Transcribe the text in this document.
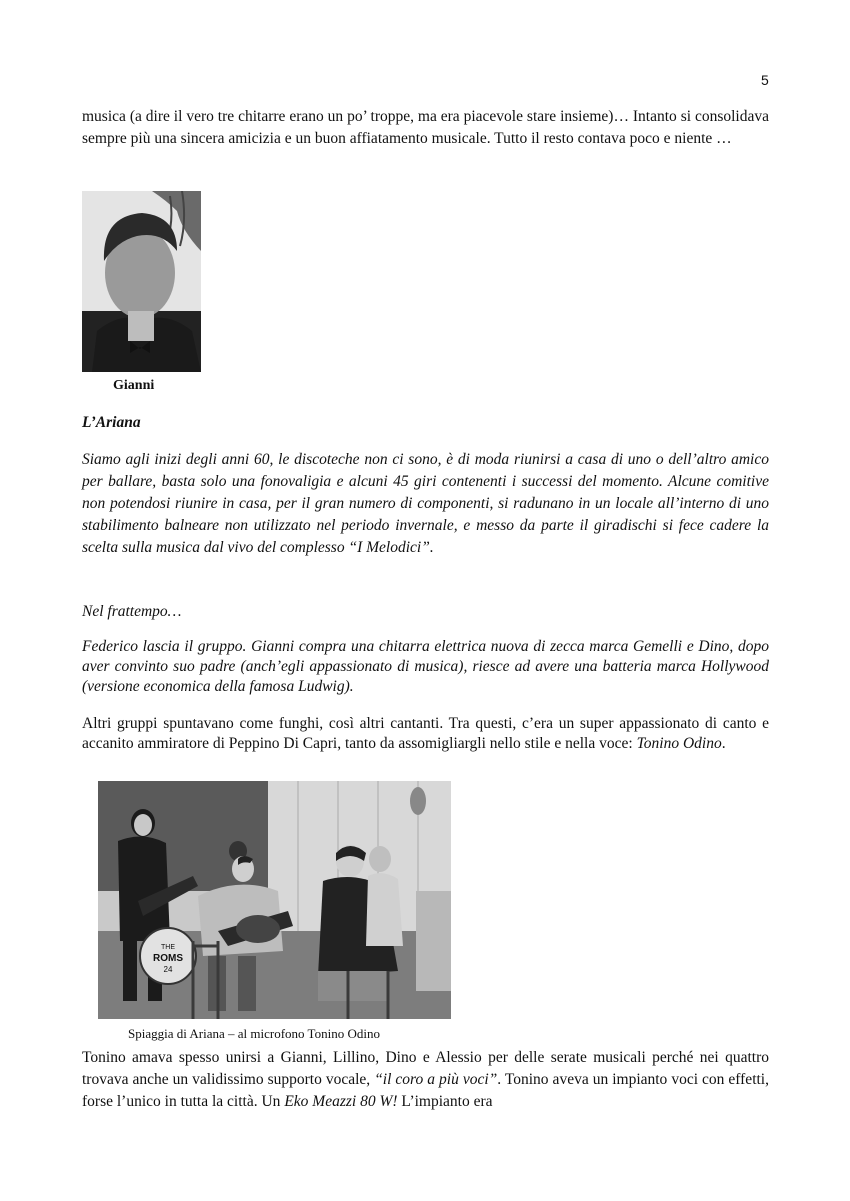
5

musica (a dire il vero tre chitarre erano un po’ troppe, ma era piacevole stare insieme)… Intanto si consolidava sempre più una sincera amicizia e un buon affiatamento musicale. Tutto il resto contava poco e niente …

Gianni

L’Ariana

Siamo agli inizi degli anni 60, le discoteche non ci sono, è di moda riunirsi a casa di uno o dell’altro amico per ballare, basta solo una fonovaligia e alcuni 45 giri contenenti i successi del momento. Alcune comitive non potendosi riunire in casa, per il gran numero di componenti, si radunano in un locale all’interno di uno stabilimento balneare non utilizzato nel periodo invernale, e messo da parte il giradischi si fece cadere la scelta sulla musica dal vivo del complesso “I Melodici”.

Nel frattempo…

Federico lascia il gruppo. Gianni compra una chitarra elettrica nuova di zecca marca Gemelli e Dino, dopo aver convinto suo padre (anch’egli appassionato di musica), riesce ad avere una batteria marca Hollywood (versione economica della famosa Ludwig).

Altri gruppi spuntavano come funghi, così altri cantanti. Tra questi, c’era un super appassionato di canto e accanito ammiratore di Peppino Di Capri, tanto da assomigliargli nello stile e nella voce: Tonino Odino.

THE
ROMS
24
Spiaggia di Ariana – al microfono Tonino Odino

Tonino amava spesso unirsi a Gianni, Lillino, Dino e Alessio per delle serate musicali perché nei quattro trovava anche un validissimo supporto vocale, “il coro a più voci”. Tonino aveva un impianto voci con effetti, forse l’unico in tutta la città. Un Eko Meazzi 80 W! L’impianto era
